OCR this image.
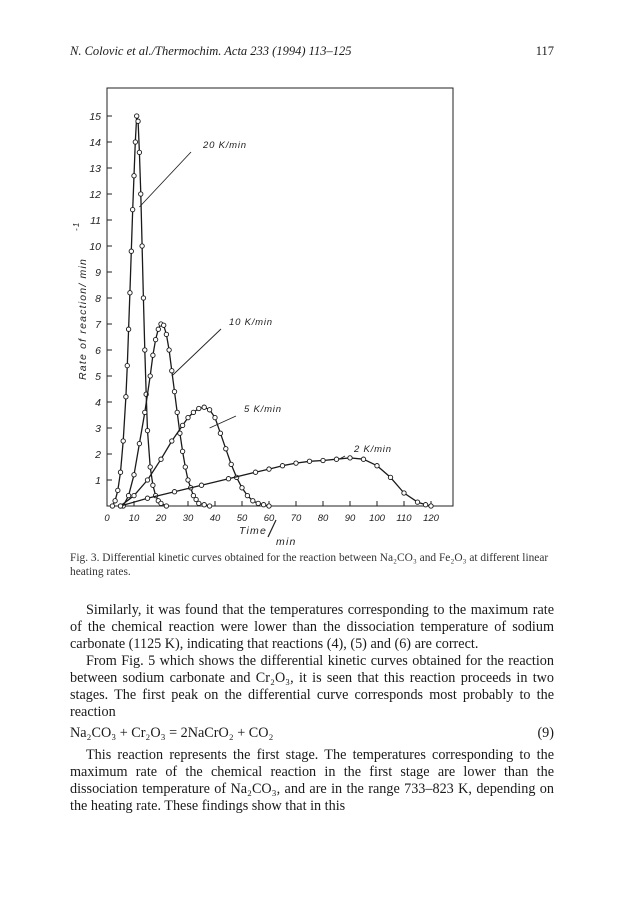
N. Colovic et al./Thermochim. Acta 233 (1994) 113–125	117
1
2
3
4
5
6
7
8
9
10
11
12
13
14
15
0 10 20 30 40 50 60 70 80 90 100 110 120
20 K/min
10 K/min
5 K/min
2 K/min
Rate of reaction/ min
-1
Time
min
Fig. 3. Differential kinetic curves obtained for the reaction between Na₂CO₃ and Fe₂O₃ at different linear heating rates.

Similarly, it was found that the temperatures corresponding to the maximum rate of the chemical reaction were lower than the dissociation temperature of sodium carbonate (1125 K), indicating that reactions (4), (5) and (6) are correct.

From Fig. 5 which shows the differential kinetic curves obtained for the reaction between sodium carbonate and Cr₂O₃, it is seen that this reaction proceeds in two stages. The first peak on the differential curve corresponds most probably to the reaction

Na₂CO₃ + Cr₂O₃ = 2NaCrO₂ + CO₂	(9)

This reaction represents the first stage. The temperatures corresponding to the maximum rate of the chemical reaction in the first stage are lower than the dissociation temperature of Na₂CO₃, and are in the range 733–823 K, depending on the heating rate. These findings show that in this
